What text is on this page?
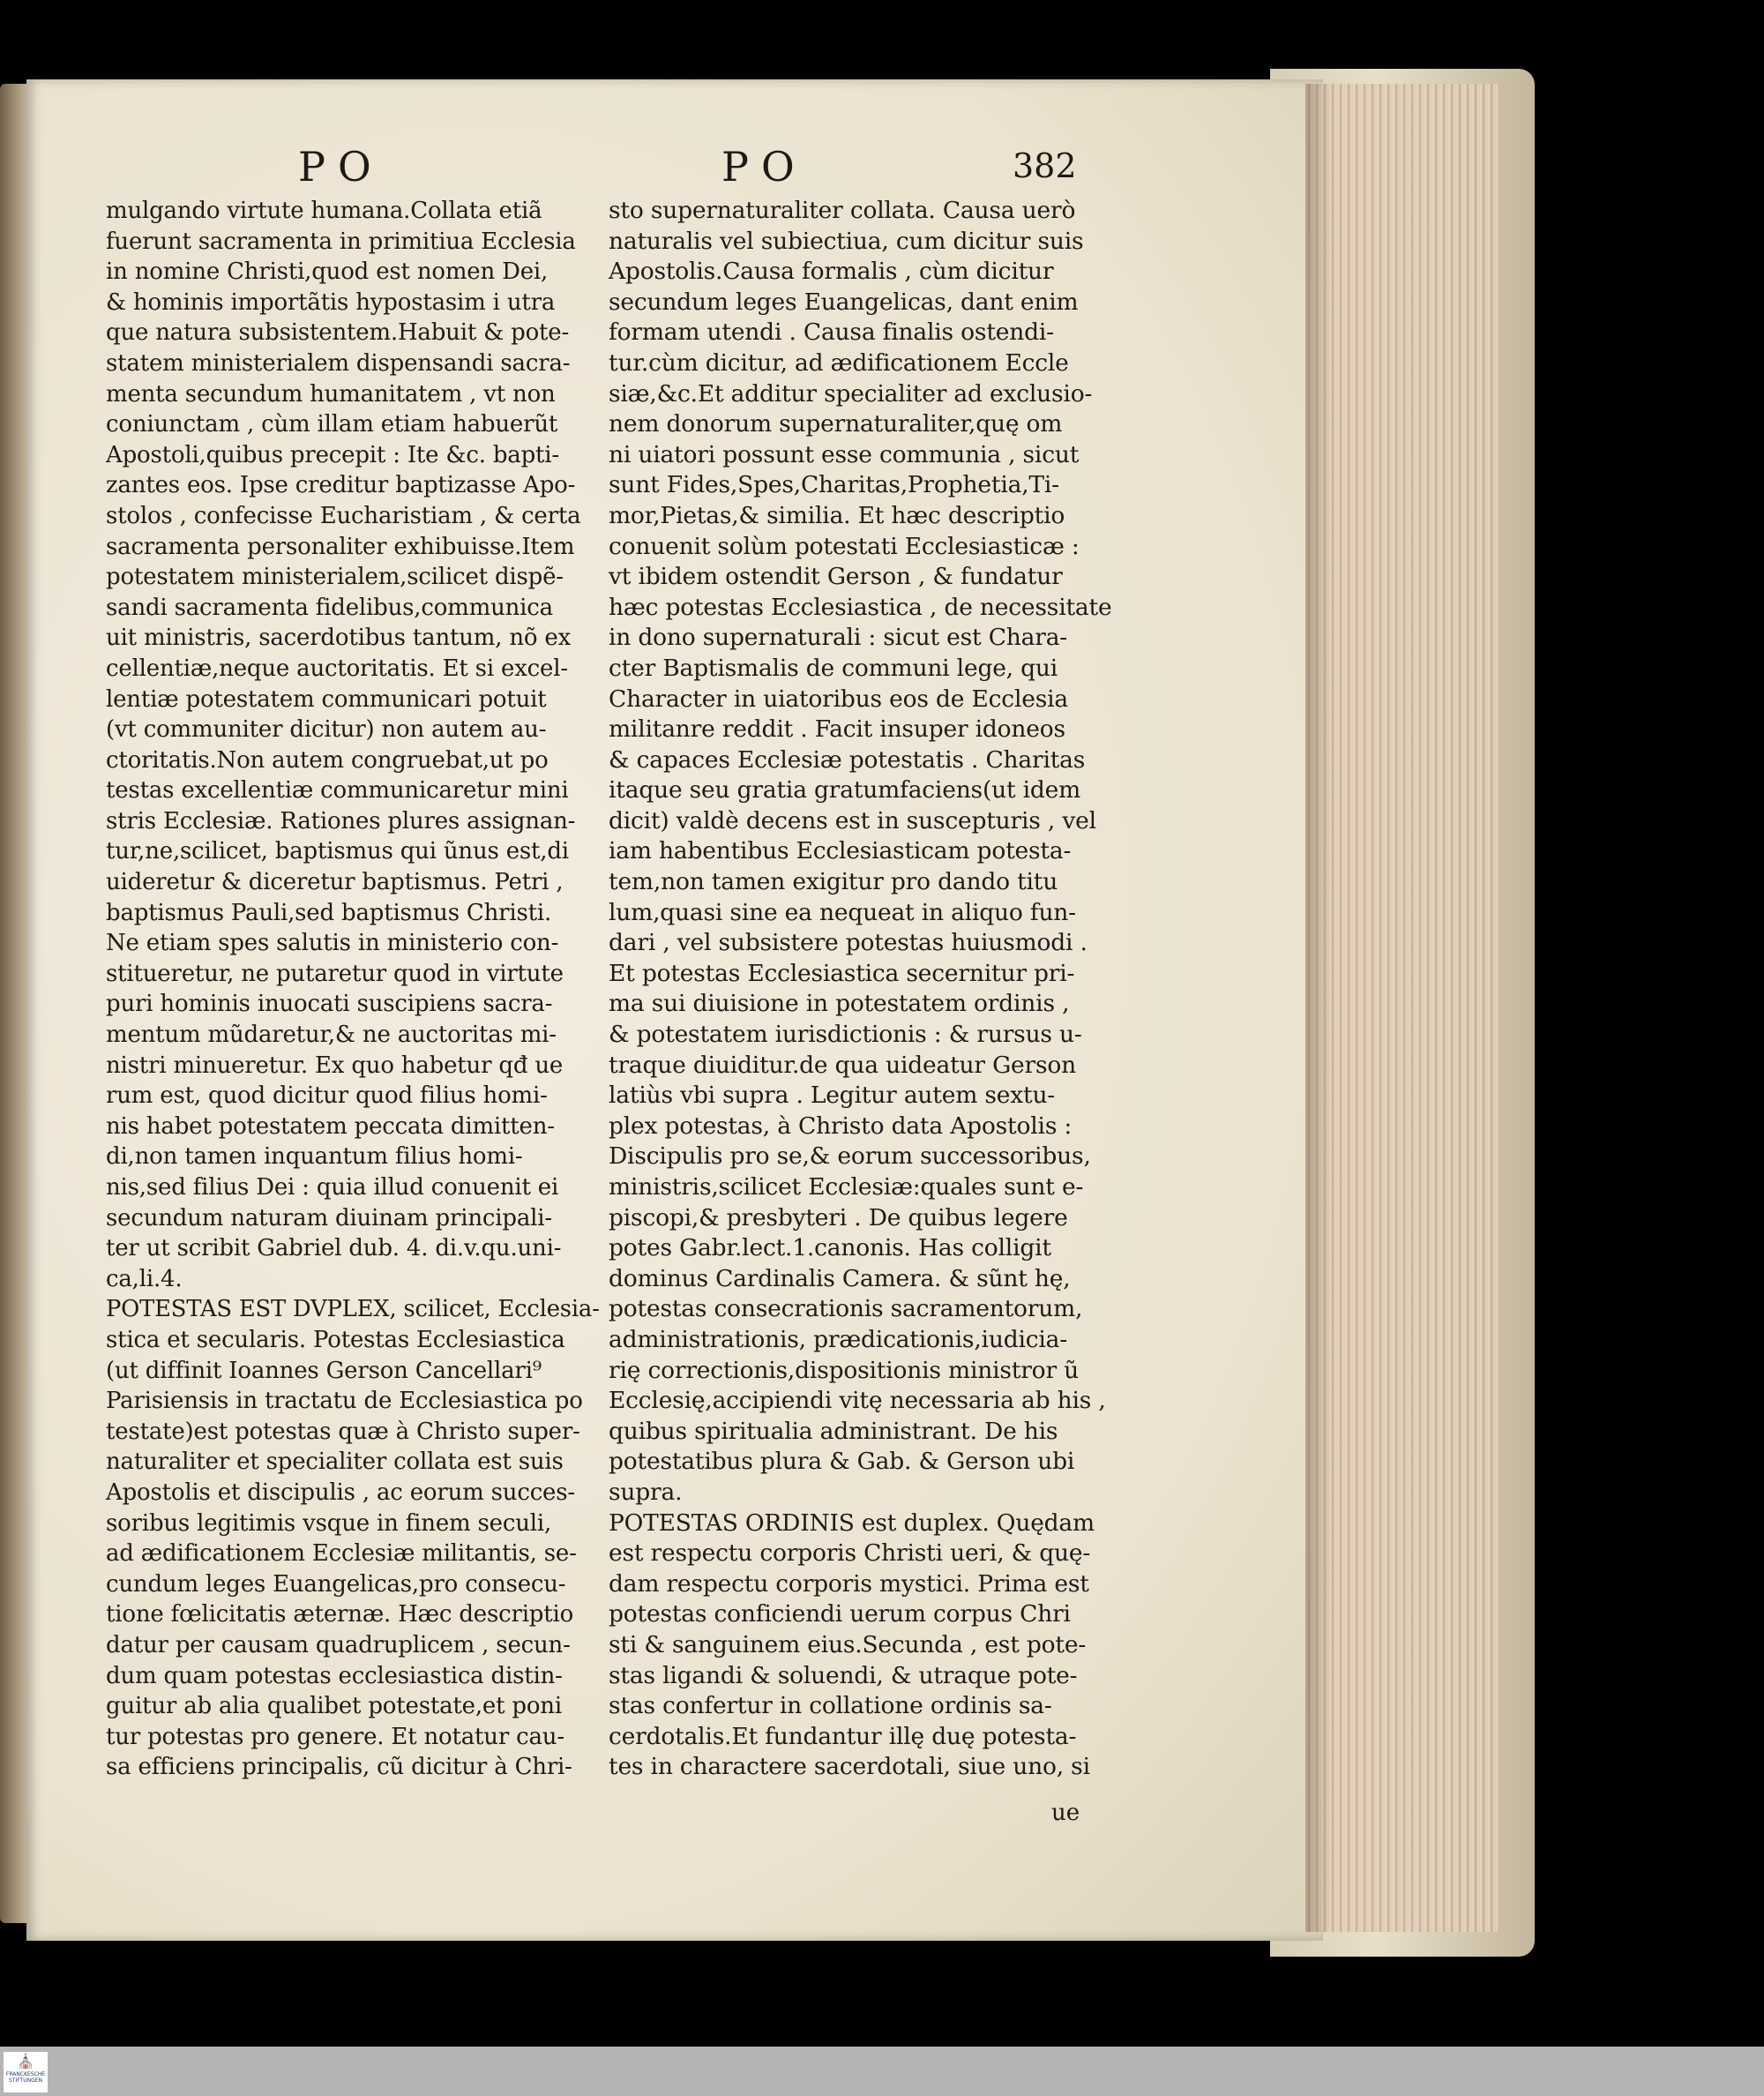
PO	PO	382
mulgando virtute humana.Collata etiã
fuerunt sacramenta in primitiua Ecclesia
in nomine Christi,quod est nomen Dei,
& hominis importãtis hypostasim i utra
que natura subsistentem.Habuit & pote-
statem ministerialem dispensandi sacra-
menta secundum humanitatem , vt non
coniunctam , cùm illam etiam habuerũt
Apostoli,quibus precepit : Ite &c. bapti-
zantes eos. Ipse creditur baptizasse Apo-
stolos , confecisse Eucharistiam , & certa
sacramenta personaliter exhibuisse.Item
potestatem ministerialem,scilicet dispẽ-
sandi sacramenta fidelibus,communica
uit ministris, sacerdotibus tantum, nõ ex
cellentiæ,neque auctoritatis. Et si excel-
lentiæ potestatem communicari potuit
(vt communiter dicitur) non autem au-
ctoritatis.Non autem congruebat,ut po
testas excellentiæ communicaretur mini
stris Ecclesiæ. Rationes plures assignan-
tur,ne,scilicet, baptismus qui ũnus est,di
uideretur & diceretur baptismus. Petri ,
baptismus Pauli,sed baptismus Christi.
Ne etiam spes salutis in ministerio con-
stitueretur, ne putaretur quod in virtute
puri hominis inuocati suscipiens sacra-
mentum mũdaretur,& ne auctoritas mi-
nistri minueretur. Ex quo habetur qđ ue
rum est, quod dicitur quod filius homi-
nis habet potestatem peccata dimitten-
di,non tamen inquantum filius homi-
nis,sed filius Dei : quia illud conuenit ei
secundum naturam diuinam principali-
ter ut scribit Gabriel dub. 4. di.v.qu.uni-
ca,li.4.
POTESTAS EST DVPLEX, scilicet, Ecclesia-
stica et secularis. Potestas Ecclesiastica
(ut diffinit Ioannes Gerson Cancellari⁹
Parisiensis in tractatu de Ecclesiastica po
testate)est potestas quæ à Christo super-
naturaliter et specialiter collata est suis
Apostolis et discipulis , ac eorum succes-
soribus legitimis vsque in finem seculi,
ad ædificationem Ecclesiæ militantis, se-
cundum leges Euangelicas,pro consecu-
tione fœlicitatis æternæ. Hæc descriptio
datur per causam quadruplicem , secun-
dum quam potestas ecclesiastica distin-
guitur ab alia qualibet potestate,et poni
tur potestas pro genere. Et notatur cau-
sa efficiens principalis, cũ dicitur à Chri-
sto supernaturaliter collata. Causa uerò
naturalis vel subiectiua, cum dicitur suis
Apostolis.Causa formalis , cùm dicitur
secundum leges Euangelicas, dant enim
formam utendi . Causa finalis ostendi-
tur.cùm dicitur, ad ædificationem Eccle
siæ,&c.Et additur specialiter ad exclusio-
nem donorum supernaturaliter,quę om
ni uiatori possunt esse communia , sicut
sunt Fides,Spes,Charitas,Prophetia,Ti-
mor,Pietas,& similia. Et hæc descriptio
conuenit solùm potestati Ecclesiasticæ :
vt ibidem ostendit Gerson , & fundatur
hæc potestas Ecclesiastica , de necessitate
in dono supernaturali : sicut est Chara-
cter Baptismalis de communi lege, qui
Character in uiatoribus eos de Ecclesia
militanre reddit . Facit insuper idoneos
& capaces Ecclesiæ potestatis . Charitas
itaque seu gratia gratumfaciens(ut idem
dicit) valdè decens est in suscepturis , vel
iam habentibus Ecclesiasticam potesta-
tem,non tamen exigitur pro dando titu
lum,quasi sine ea nequeat in aliquo fun-
dari , vel subsistere potestas huiusmodi .
Et potestas Ecclesiastica secernitur pri-
ma sui diuisione in potestatem ordinis ,
& potestatem iurisdictionis : & rursus u-
traque diuiditur.de qua uideatur Gerson
latiùs vbi supra . Legitur autem sextu-
plex potestas, à Christo data Apostolis :
Discipulis pro se,& eorum successoribus,
ministris,scilicet Ecclesiæ:quales sunt e-
piscopi,& presbyteri . De quibus legere
potes Gabr.lect.1.canonis. Has colligit
dominus Cardinalis Camera. & sũnt hę,
potestas consecrationis sacramentorum,
administrationis, prædicationis,iudicia-
rię correctionis,dispositionis ministror ũ
Ecclesię,accipiendi vitę necessaria ab his ,
quibus spiritualia administrant. De his
potestatibus plura & Gab. & Gerson ubi
supra.
POTESTAS ORDINIS est duplex. Quędam
est respectu corporis Christi ueri, & quę-
dam respectu corporis mystici. Prima est
potestas conficiendi uerum corpus Chri
sti & sanguinem eius.Secunda , est pote-
stas ligandi & soluendi, & utraque pote-
stas confertur in collatione ordinis sa-
cerdotalis.Et fundantur illę duę potesta-
tes in charactere sacerdotali, siue uno, si
ue
⛪
FRANCKESCHE STIFTUNGEN
